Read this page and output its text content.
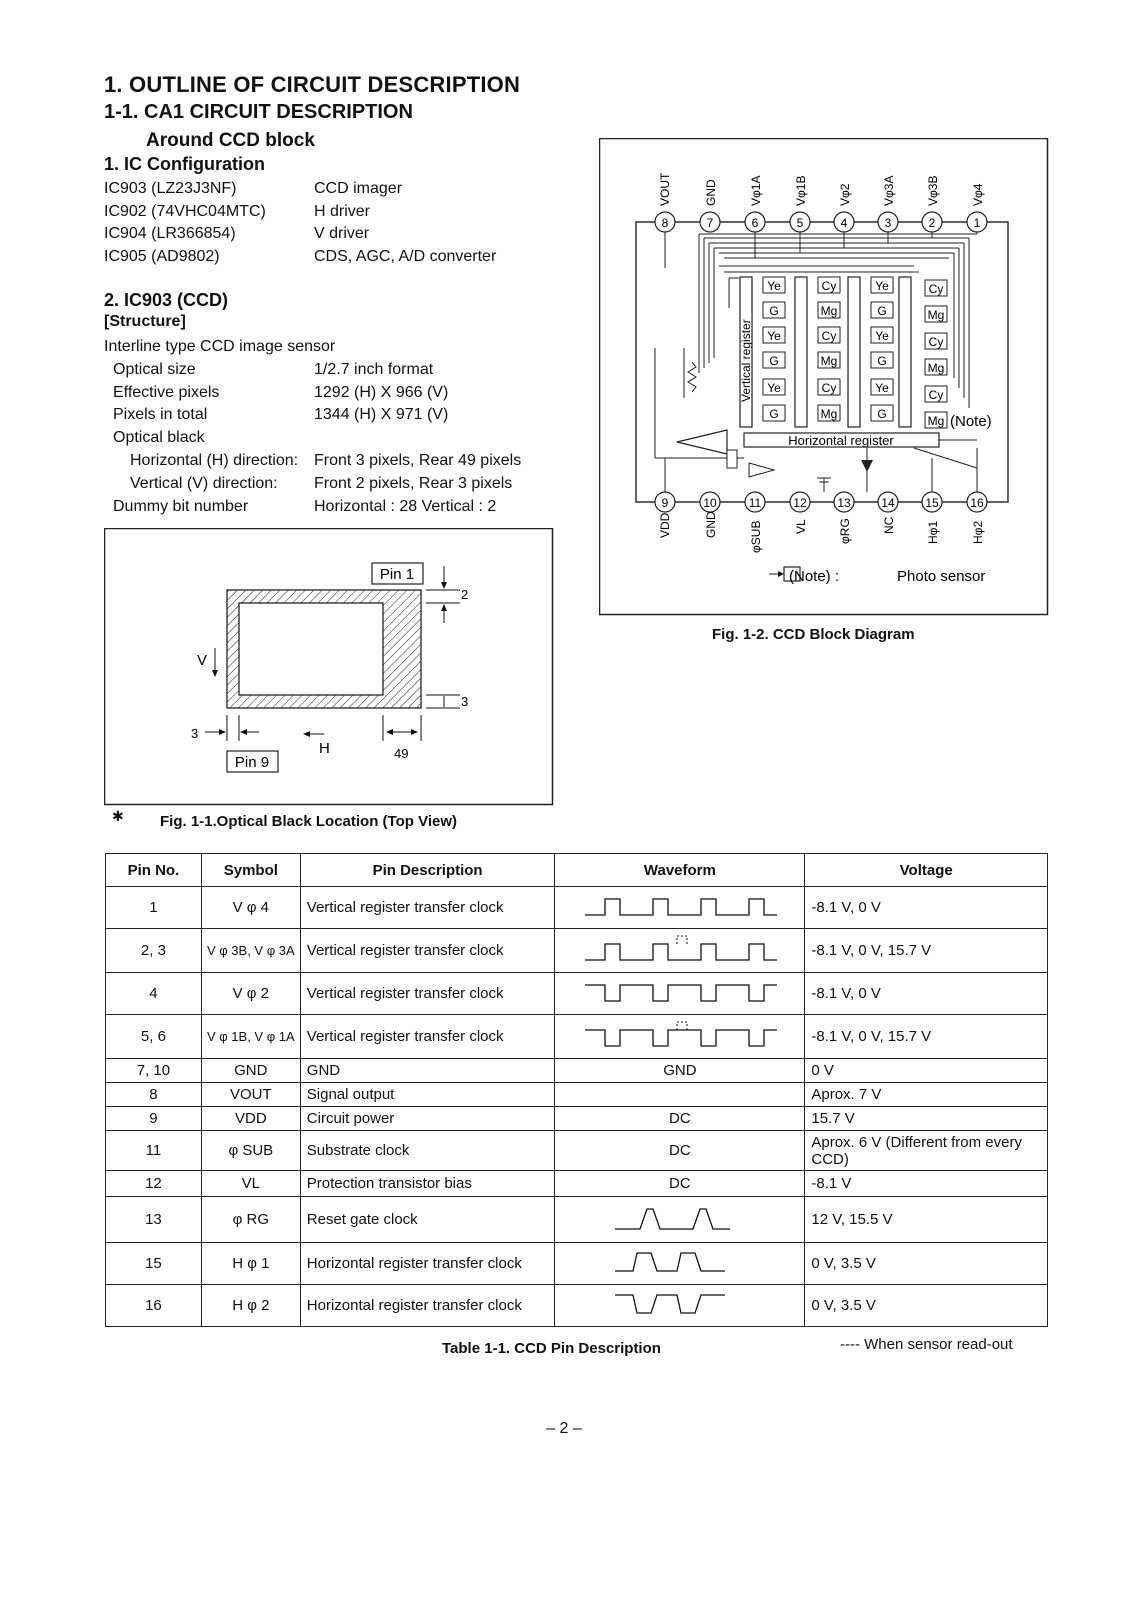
1. OUTLINE OF CIRCUIT DESCRIPTION
1-1. CA1 CIRCUIT DESCRIPTION
Around CCD block
1. IC Configuration
IC903 (LZ23J3NF)	CCD imager
IC902 (74VHC04MTC)	H driver
IC904 (LR366854)	V driver
IC905 (AD9802)	CDS, AGC, A/D converter
2. IC903 (CCD)
[Structure]
Interline type CCD image sensor
Optical size	1/2.7 inch format
Effective pixels	1292 (H) X 966 (V)
Pixels in total	1344 (H) X 971 (V)
Optical black
Horizontal (H) direction: Front 3 pixels, Rear 49 pixels
Vertical (V) direction:	Front 2 pixels, Rear 3 pixels
Dummy bit number	Horizontal : 28 Vertical : 2
Pin 1
Pin 9
2
3
V
3
H	49
✱ Fig. 1-1.Optical Black Location (Top View)
VOUT	GND	Vφ1A	Vφ1B	Vφ2	Vφ3A	Vφ3B	Vφ4
8	7	6	5	4	3	2	1
9	10	11	12	13	14	15	16
VDD	GND	φSUB	VL	φRG	NC	Hφ1	Hφ2
Vertical register
Ye
G
Ye
G
Ye
G
Cy
Mg
Cy
Mg
Cy
Mg
Ye
G
Ye
G
Ye
G
Cy
Mg
Cy
Mg
Cy
Mg (Note)
Horizontal register
(Note) :	Photo sensor
Fig. 1-2. CCD Block Diagram
Pin No.	Symbol	Pin Description	Waveform	Voltage
1	V φ 4	Vertical register transfer clock		-8.1 V, 0 V
2, 3	V φ 3B, V φ 3A	Vertical register transfer clock		-8.1 V, 0 V, 15.7 V
4	V φ 2	Vertical register transfer clock		-8.1 V, 0 V
5, 6	V φ 1B, V φ 1A	Vertical register transfer clock		-8.1 V, 0 V, 15.7 V
7, 10	GND	GND	GND	0 V
8	VOUT	Signal output		Aprox. 7 V
9	VDD	Circuit power	DC	15.7 V
11	φ SUB	Substrate clock	DC	Aprox. 6 V (Different from every CCD)
12	VL	Protection transistor bias	DC	-8.1 V
13	φ RG	Reset gate clock		12 V, 15.5 V
15	H φ 1	Horizontal register transfer clock		0 V, 3.5 V
16	H φ 2	Horizontal register transfer clock		0 V, 3.5 V
Table 1-1. CCD Pin Description	---- When sensor read-out
– 2 –
